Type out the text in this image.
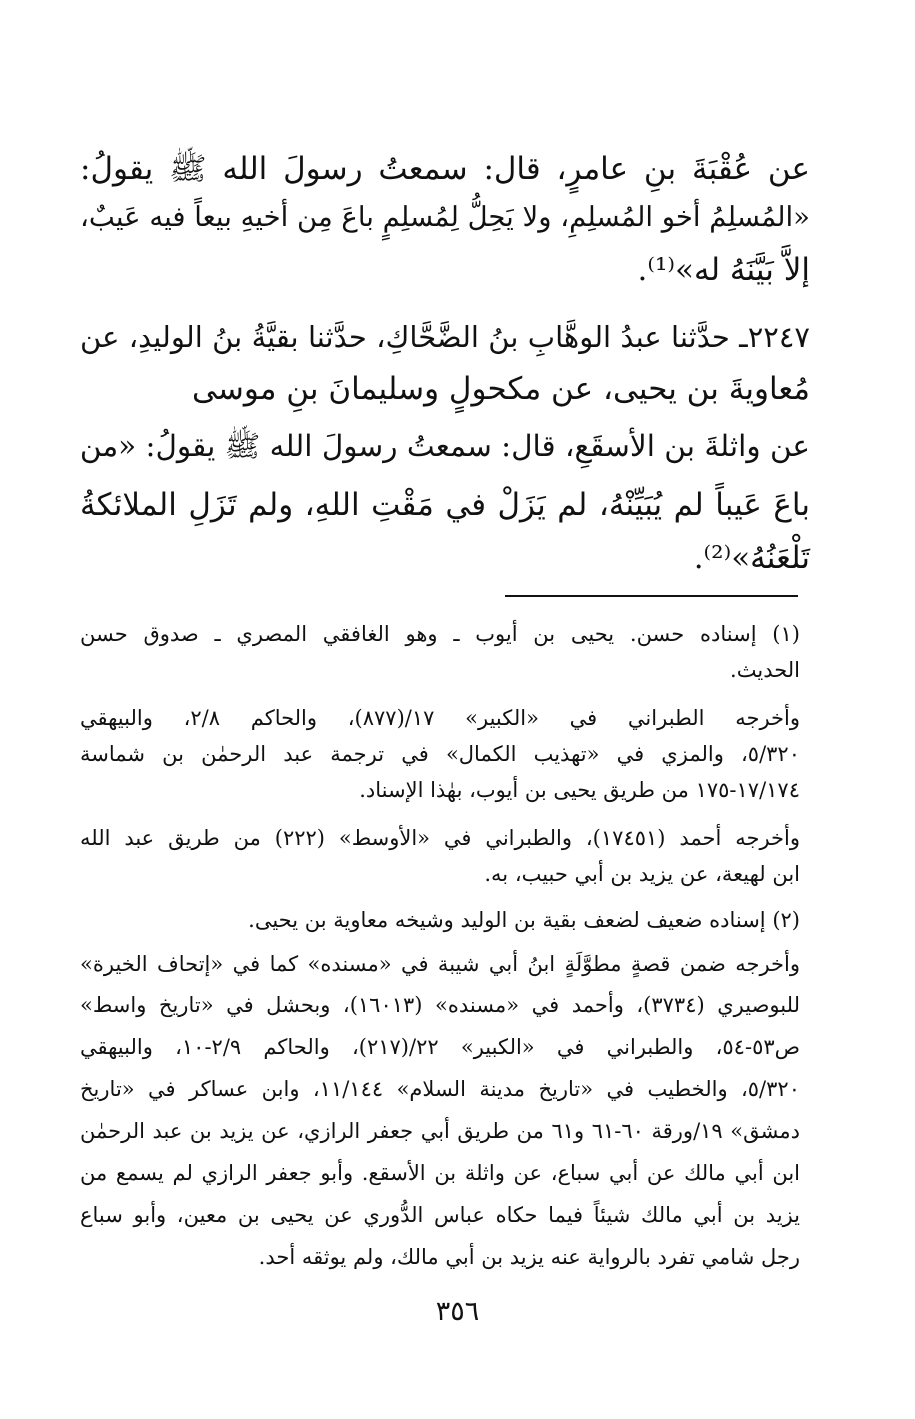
عن عُقْبَةَ بنِ عامرٍ، قال: سمعتُ رسولَ الله ﷺ يقولُ:
«المُسلِمُ أخو المُسلِمِ، ولا يَحِلُّ لِمُسلِمٍ باعَ مِن أخيهِ بيعاً فيه عَيبٌ،
إلاَّ بَيَّنَهُ له»⁽¹⁾.
٢٢٤٧ـ حدَّثنا عبدُ الوهَّابِ بنُ الضَّحَّاكِ، حدَّثنا بقيَّةُ بنُ الوليدِ، عن
مُعاويةَ بن يحيى، عن مكحولٍ وسليمانَ بنِ موسى
عن واثلةَ بن الأسقَعِ، قال: سمعتُ رسولَ الله ﷺ يقولُ: «من
باعَ عَيباً لم يُبَيِّنْهُ، لم يَزَلْ في مَقْتِ اللهِ، ولم تَزَلِ الملائكةُ
تَلْعَنُهُ»⁽²⁾.
(١) إسناده حسن. يحيى بن أيوب ـ وهو الغافقي المصري ـ صدوق حسن
الحديث.
وأخرجه الطبراني في «الكبير» ١٧/(٨٧٧)، والحاكم ٢/٨، والبيهقي
٥/٣٢٠، والمزي في «تهذيب الكمال» في ترجمة عبد الرحمٰن بن شماسة
١٧/١٧٤-١٧٥ من طريق يحيى بن أيوب، بهٰذا الإسناد.
وأخرجه أحمد (١٧٤٥١)، والطبراني في «الأوسط» (٢٢٢) من طريق عبد الله
ابن لهيعة، عن يزيد بن أبي حبيب، به.
(٢) إسناده ضعيف لضعف بقية بن الوليد وشيخه معاوية بن يحيى.
وأخرجه ضمن قصةٍ مطوَّلَةٍ ابنُ أبي شيبة في «مسنده» كما في «إتحاف الخيرة»
للبوصيري (٣٧٣٤)، وأحمد في «مسنده» (١٦٠١٣)، وبحشل في «تاريخ واسط»
ص٥٣-٥٤، والطبراني في «الكبير» ٢٢/(٢١٧)، والحاكم ٢/٩-١٠، والبيهقي
٥/٣٢٠، والخطيب في «تاريخ مدينة السلام» ١١/١٤٤، وابن عساكر في «تاريخ
دمشق» ١٩/ورقة ٦٠-٦١ و٦١ من طريق أبي جعفر الرازي، عن يزيد بن عبد الرحمٰن
ابن أبي مالك عن أبي سباع، عن واثلة بن الأسقع. وأبو جعفر الرازي لم يسمع من
يزيد بن أبي مالك شيئاً فيما حكاه عباس الدُّوري عن يحيى بن معين، وأبو سباع
رجل شامي تفرد بالرواية عنه يزيد بن أبي مالك، ولم يوثقه أحد.
٣٥٦
